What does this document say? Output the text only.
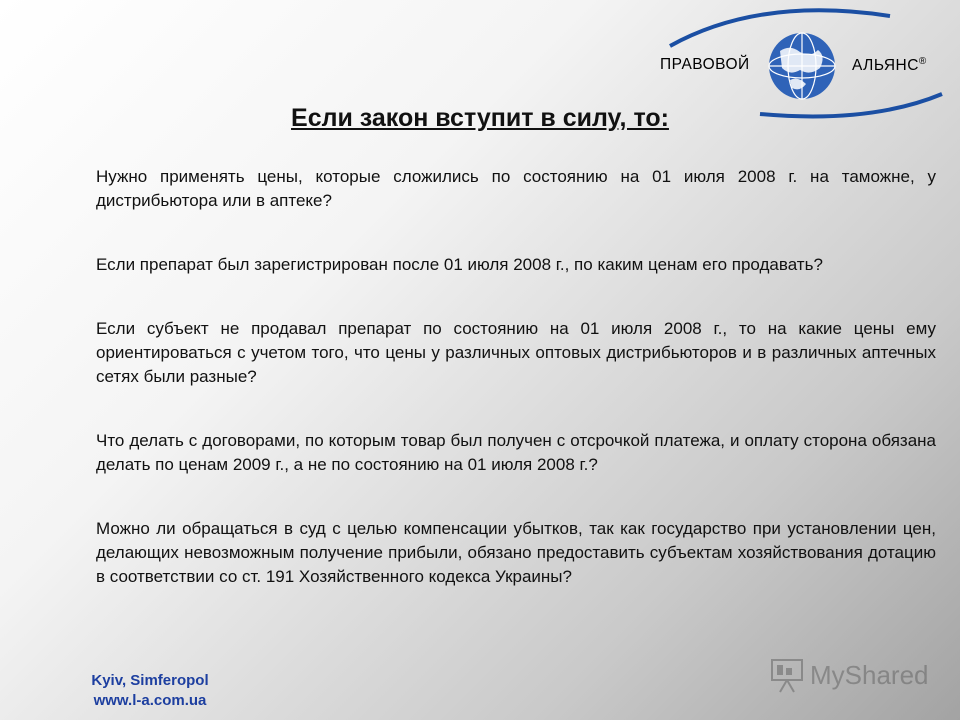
ПРАВОВОЙ	АЛЬЯНС®
Если закон вступит в силу, то:

Нужно применять цены, которые сложились по состоянию на 01 июля 2008 г. на таможне, у дистрибьютора или в аптеке?

Если препарат был зарегистрирован после 01 июля 2008 г., по каким ценам его продавать?

Если субъект не продавал препарат по состоянию на 01 июля 2008 г., то на какие цены ему ориентироваться с учетом того, что цены у различных оптовых дистрибьюторов и в различных аптечных сетях были разные?

Что делать с договорами, по которым товар был получен с отсрочкой платежа, и оплату сторона обязана делать по ценам 2009 г., а не по состоянию на 01 июля 2008 г.?

Можно ли обращаться в суд с целью компенсации убытков, так как государство при установлении цен, делающих невозможным получение прибыли, обязано предоставить субъектам хозяйствования дотацию в соответствии со ст. 191 Хозяйственного кодекса Украины?

Kyiv, Simferopol
www.l-a.com.ua
MyShared
